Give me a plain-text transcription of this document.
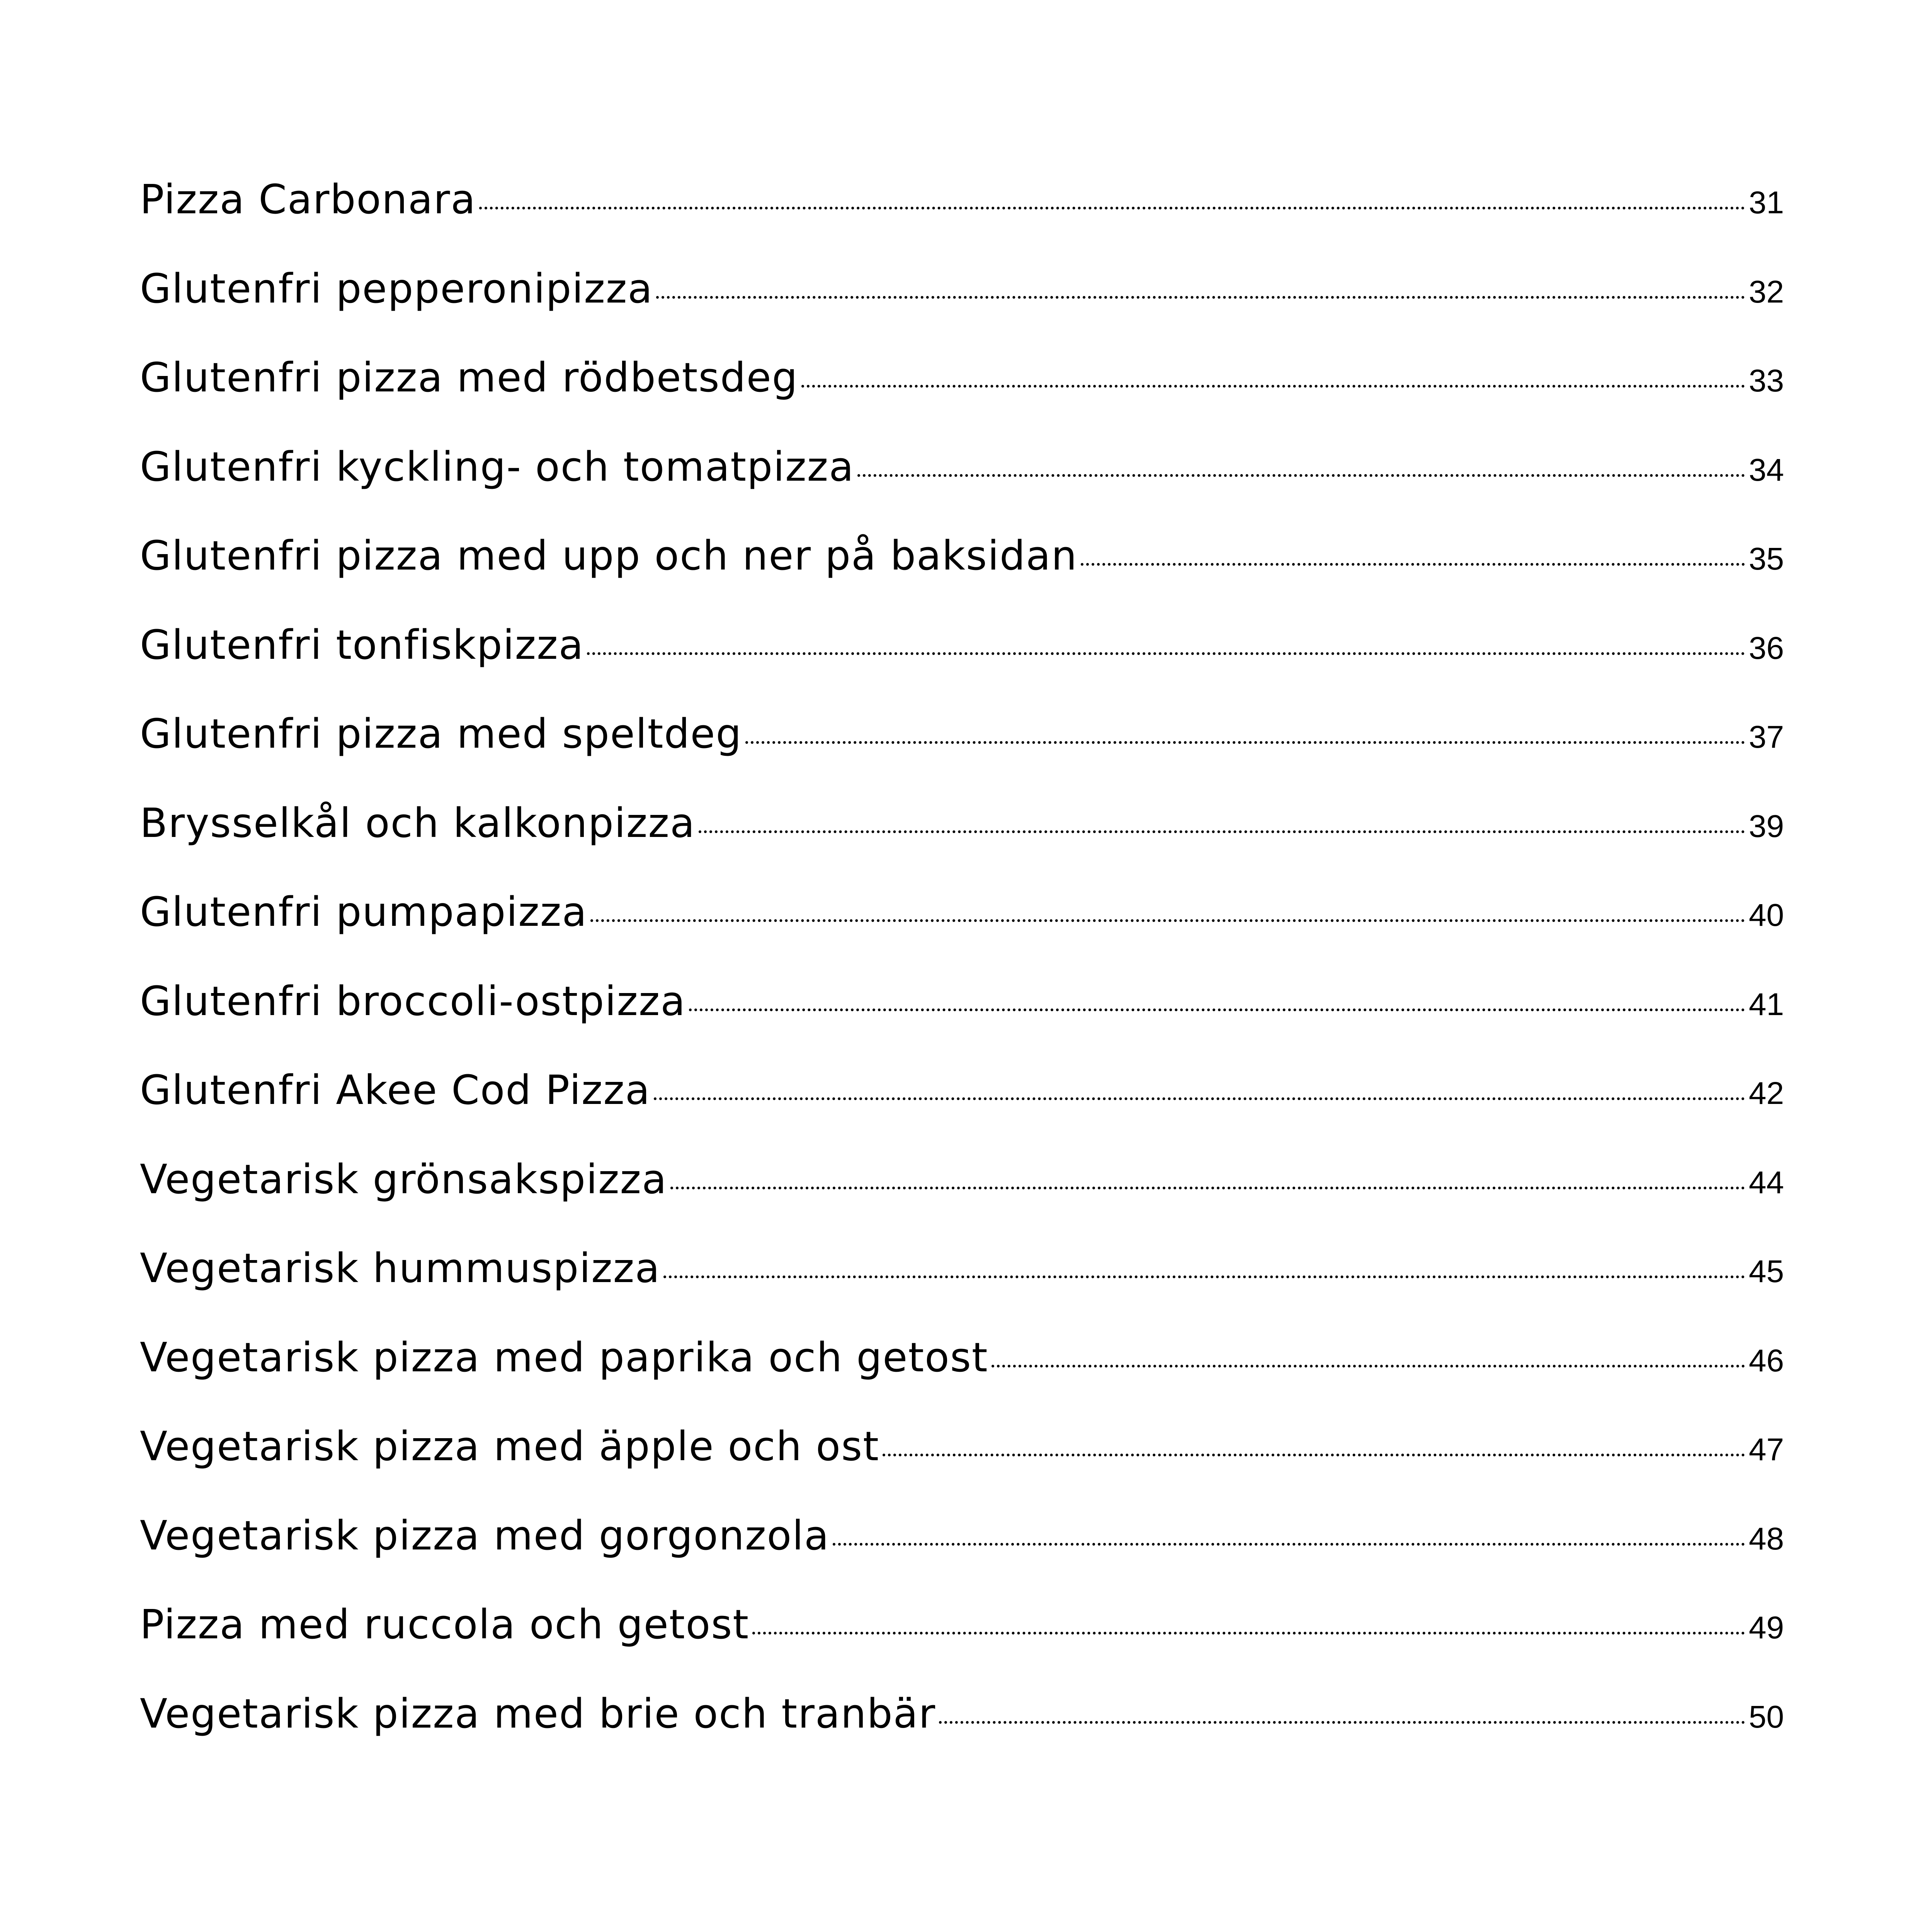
Pizza Carbonara	31
Glutenfri pepperonipizza	32
Glutenfri pizza med rödbetsdeg	33
Glutenfri kyckling- och tomatpizza	34
Glutenfri pizza med upp och ner på baksidan	35
Glutenfri tonfiskpizza	36
Glutenfri pizza med speltdeg	37
Brysselkål och kalkonpizza	39
Glutenfri pumpapizza	40
Glutenfri broccoli-ostpizza	41
Glutenfri Akee Cod Pizza	42
Vegetarisk grönsakspizza	44
Vegetarisk hummuspizza	45
Vegetarisk pizza med paprika och getost	46
Vegetarisk pizza med äpple och ost	47
Vegetarisk pizza med gorgonzola	48
Pizza med ruccola och getost	49
Vegetarisk pizza med brie och tranbär	50
